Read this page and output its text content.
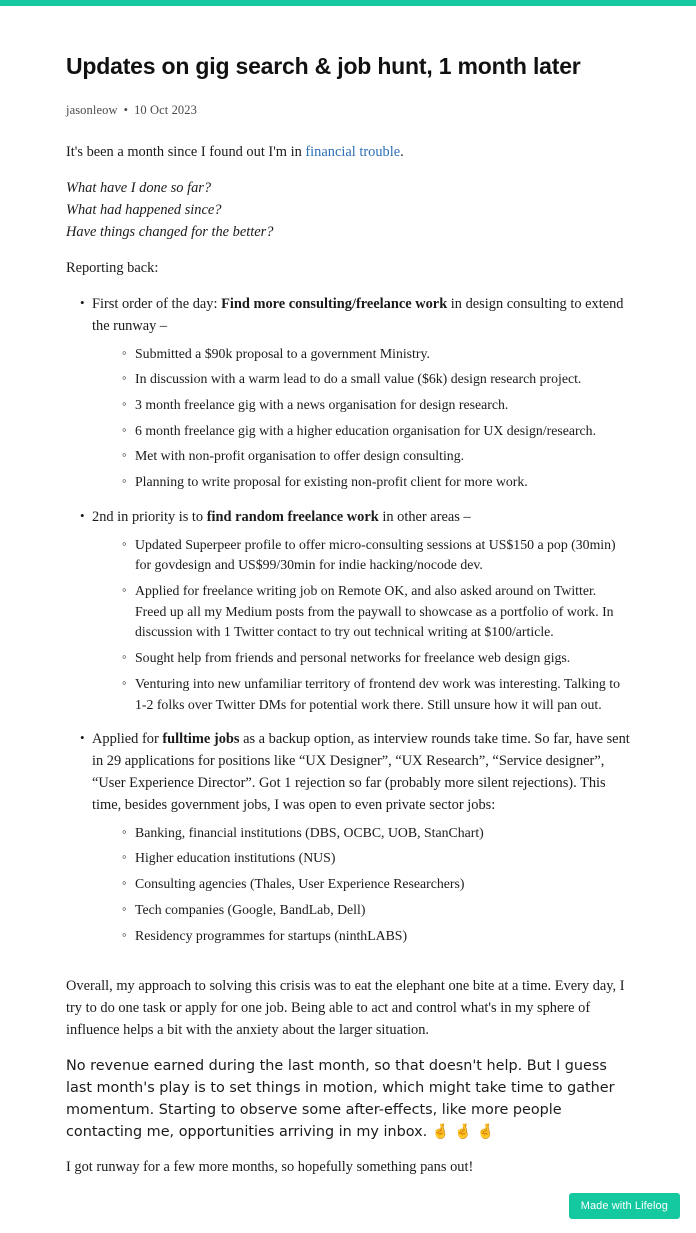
Updates on gig search & job hunt, 1 month later
jasonleow • 10 Oct 2023

It's been a month since I found out I'm in financial trouble.

What have I done so far?
What had happened since?
Have things changed for the better?

Reporting back:

• First order of the day: Find more consulting/freelance work in design consulting to extend the runway –
◦ Submitted a $90k proposal to a government Ministry.
◦ In discussion with a warm lead to do a small value ($6k) design research project.
◦ 3 month freelance gig with a news organisation for design research.
◦ 6 month freelance gig with a higher education organisation for UX design/research.
◦ Met with non-profit organisation to offer design consulting.
◦ Planning to write proposal for existing non-profit client for more work.
• 2nd in priority is to find random freelance work in other areas –
◦ Updated Superpeer profile to offer micro-consulting sessions at US$150 a pop (30min) for govdesign and US$99/30min for indie hacking/nocode dev.
◦ Applied for freelance writing job on Remote OK, and also asked around on Twitter. Freed up all my Medium posts from the paywall to showcase as a portfolio of work. In discussion with 1 Twitter contact to try out technical writing at $100/article.
◦ Sought help from friends and personal networks for freelance web design gigs.
◦ Venturing into new unfamiliar territory of frontend dev work was interesting. Talking to 1-2 folks over Twitter DMs for potential work there. Still unsure how it will pan out.
• Applied for fulltime jobs as a backup option, as interview rounds take time. So far, have sent in 29 applications for positions like “UX Designer”, “UX Research”, “Service designer”, “User Experience Director”. Got 1 rejection so far (probably more silent rejections). This time, besides government jobs, I was open to even private sector jobs:
◦ Banking, financial institutions (DBS, OCBC, UOB, StanChart)
◦ Higher education institutions (NUS)
◦ Consulting agencies (Thales, User Experience Researchers)
◦ Tech companies (Google, BandLab, Dell)
◦ Residency programmes for startups (ninthLABS)

Overall, my approach to solving this crisis was to eat the elephant one bite at a time. Every day, I try to do one task or apply for one job. Being able to act and control what's in my sphere of influence helps a bit with the anxiety about the larger situation.

No revenue earned during the last month, so that doesn't help. But I guess last month's play is to set things in motion, which might take time to gather momentum. Starting to observe some after-effects, like more people contacting me, opportunities arriving in my inbox. 🤞 🤞 🤞

I got runway for a few more months, so hopefully something pans out!

Made with Lifelog
